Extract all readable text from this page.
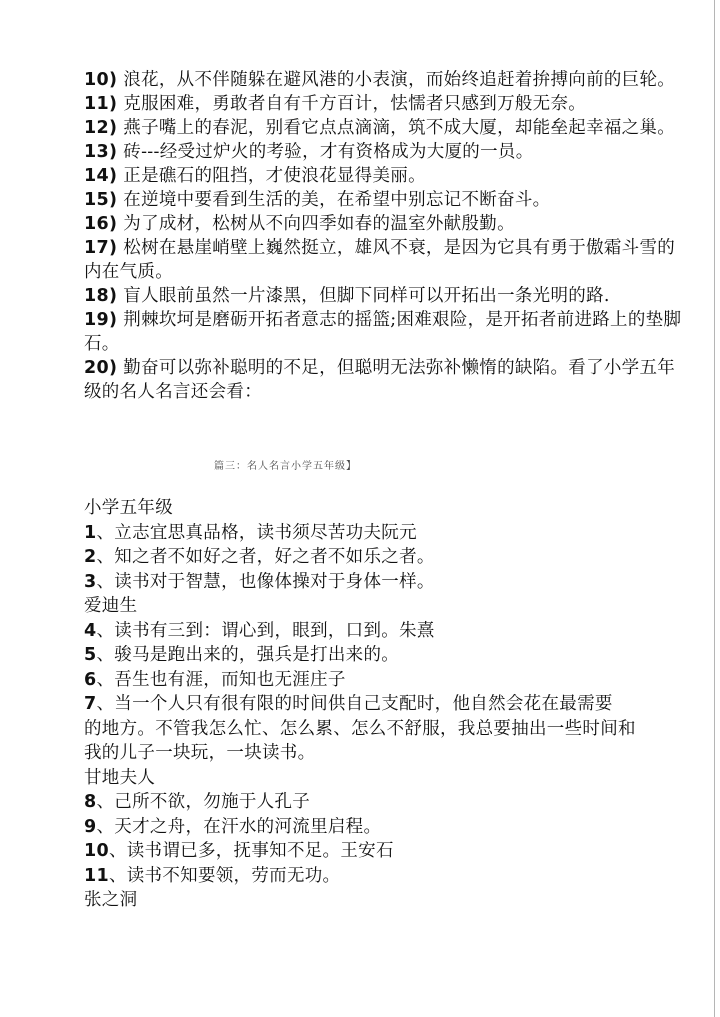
10) 浪花，从不伴随躲在避风港的小表演，而始终追赶着拚搏向前的巨轮。

11) 克服困难，勇敢者自有千方百计，怯懦者只感到万般无奈。

12) 燕子嘴上的春泥，别看它点点滴滴，筑不成大厦，却能垒起幸福之巢。

13) 砖---经受过炉火的考验，才有资格成为大厦的一员。

14) 正是礁石的阻挡，才使浪花显得美丽。

15) 在逆境中要看到生活的美，在希望中别忘记不断奋斗。

16) 为了成材，松树从不向四季如春的温室外献殷勤。

17) 松树在悬崖峭壁上巍然挺立，雄风不衰，是因为它具有勇于傲霜斗雪的内在气质。

18) 盲人眼前虽然一片漆黑，但脚下同样可以开拓出一条光明的路.

19) 荆棘坎坷是磨砺开拓者意志的摇篮;困难艰险，是开拓者前进路上的垫脚石。

20) 勤奋可以弥补聪明的不足，但聪明无法弥补懒惰的缺陷。看了小学五年级的名人名言还会看：

篇三：名人名言小学五年级】

小学五年级

1、立志宜思真品格，读书须尽苦功夫阮元

2、知之者不如好之者，好之者不如乐之者。

3、读书对于智慧，也像体操对于身体一样。

爱迪生

4、读书有三到：谓心到，眼到，口到。朱熹

5、骏马是跑出来的，强兵是打出来的。

6、吾生也有涯，而知也无涯庄子

7、当一个人只有很有限的时间供自己支配时，他自然会花在最需要

的地方。不管我怎么忙、怎么累、怎么不舒服，我总要抽出一些时间和

我的儿子一块玩，一块读书。

甘地夫人

8、己所不欲，勿施于人孔子

9、天才之舟，在汗水的河流里启程。

10、读书谓已多，抚事知不足。王安石

11、读书不知要领，劳而无功。

张之洞
